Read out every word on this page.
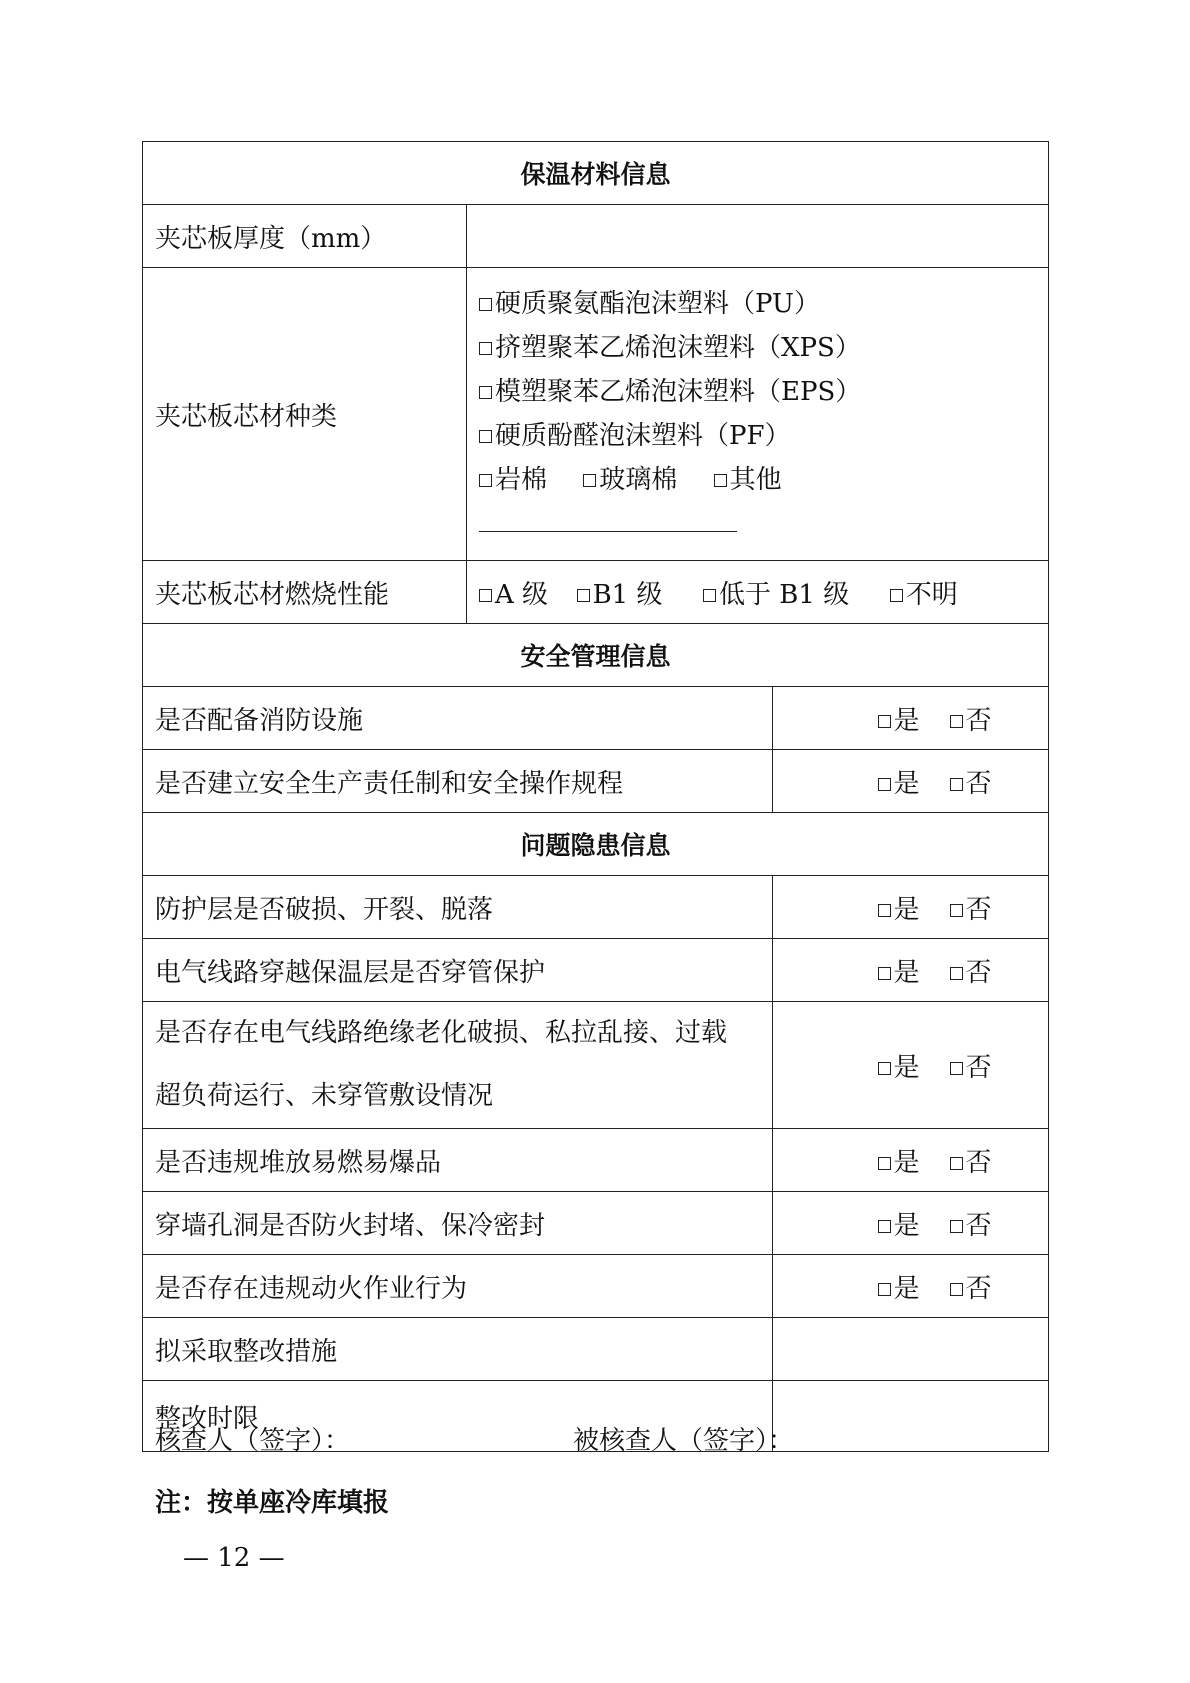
保温材料信息		
夹芯板厚度（mm）		
夹芯板芯材种类	硬质聚氨酯泡沫塑料（PU）
挤塑聚苯乙烯泡沫塑料（XPS）
模塑聚苯乙烯泡沫塑料（EPS）
硬质酚醛泡沫塑料（PF）
岩棉 玻璃棉 其他	

夹芯板芯材燃烧性能	A 级 B1 级 低于 B1 级 不明	
安全管理信息		
是否配备消防设施		是 否
是否建立安全生产责任制和安全操作规程		是 否
问题隐患信息		
防护层是否破损、开裂、脱落		是 否
电气线路穿越保温层是否穿管保护		是 否

是否存在电气线路绝缘老化破损、私拉乱接、过载
超负荷运行、未穿管敷设情况		是 否
是否违规堆放易燃易爆品		是 否
穿墙孔洞是否防火封堵、保冷密封		是 否
是否存在违规动火作业行为		是 否
拟采取整改措施		
整改时限		
核查人（签字）：	被核查人（签字）：
注：按单座冷库填报
— 12 —
